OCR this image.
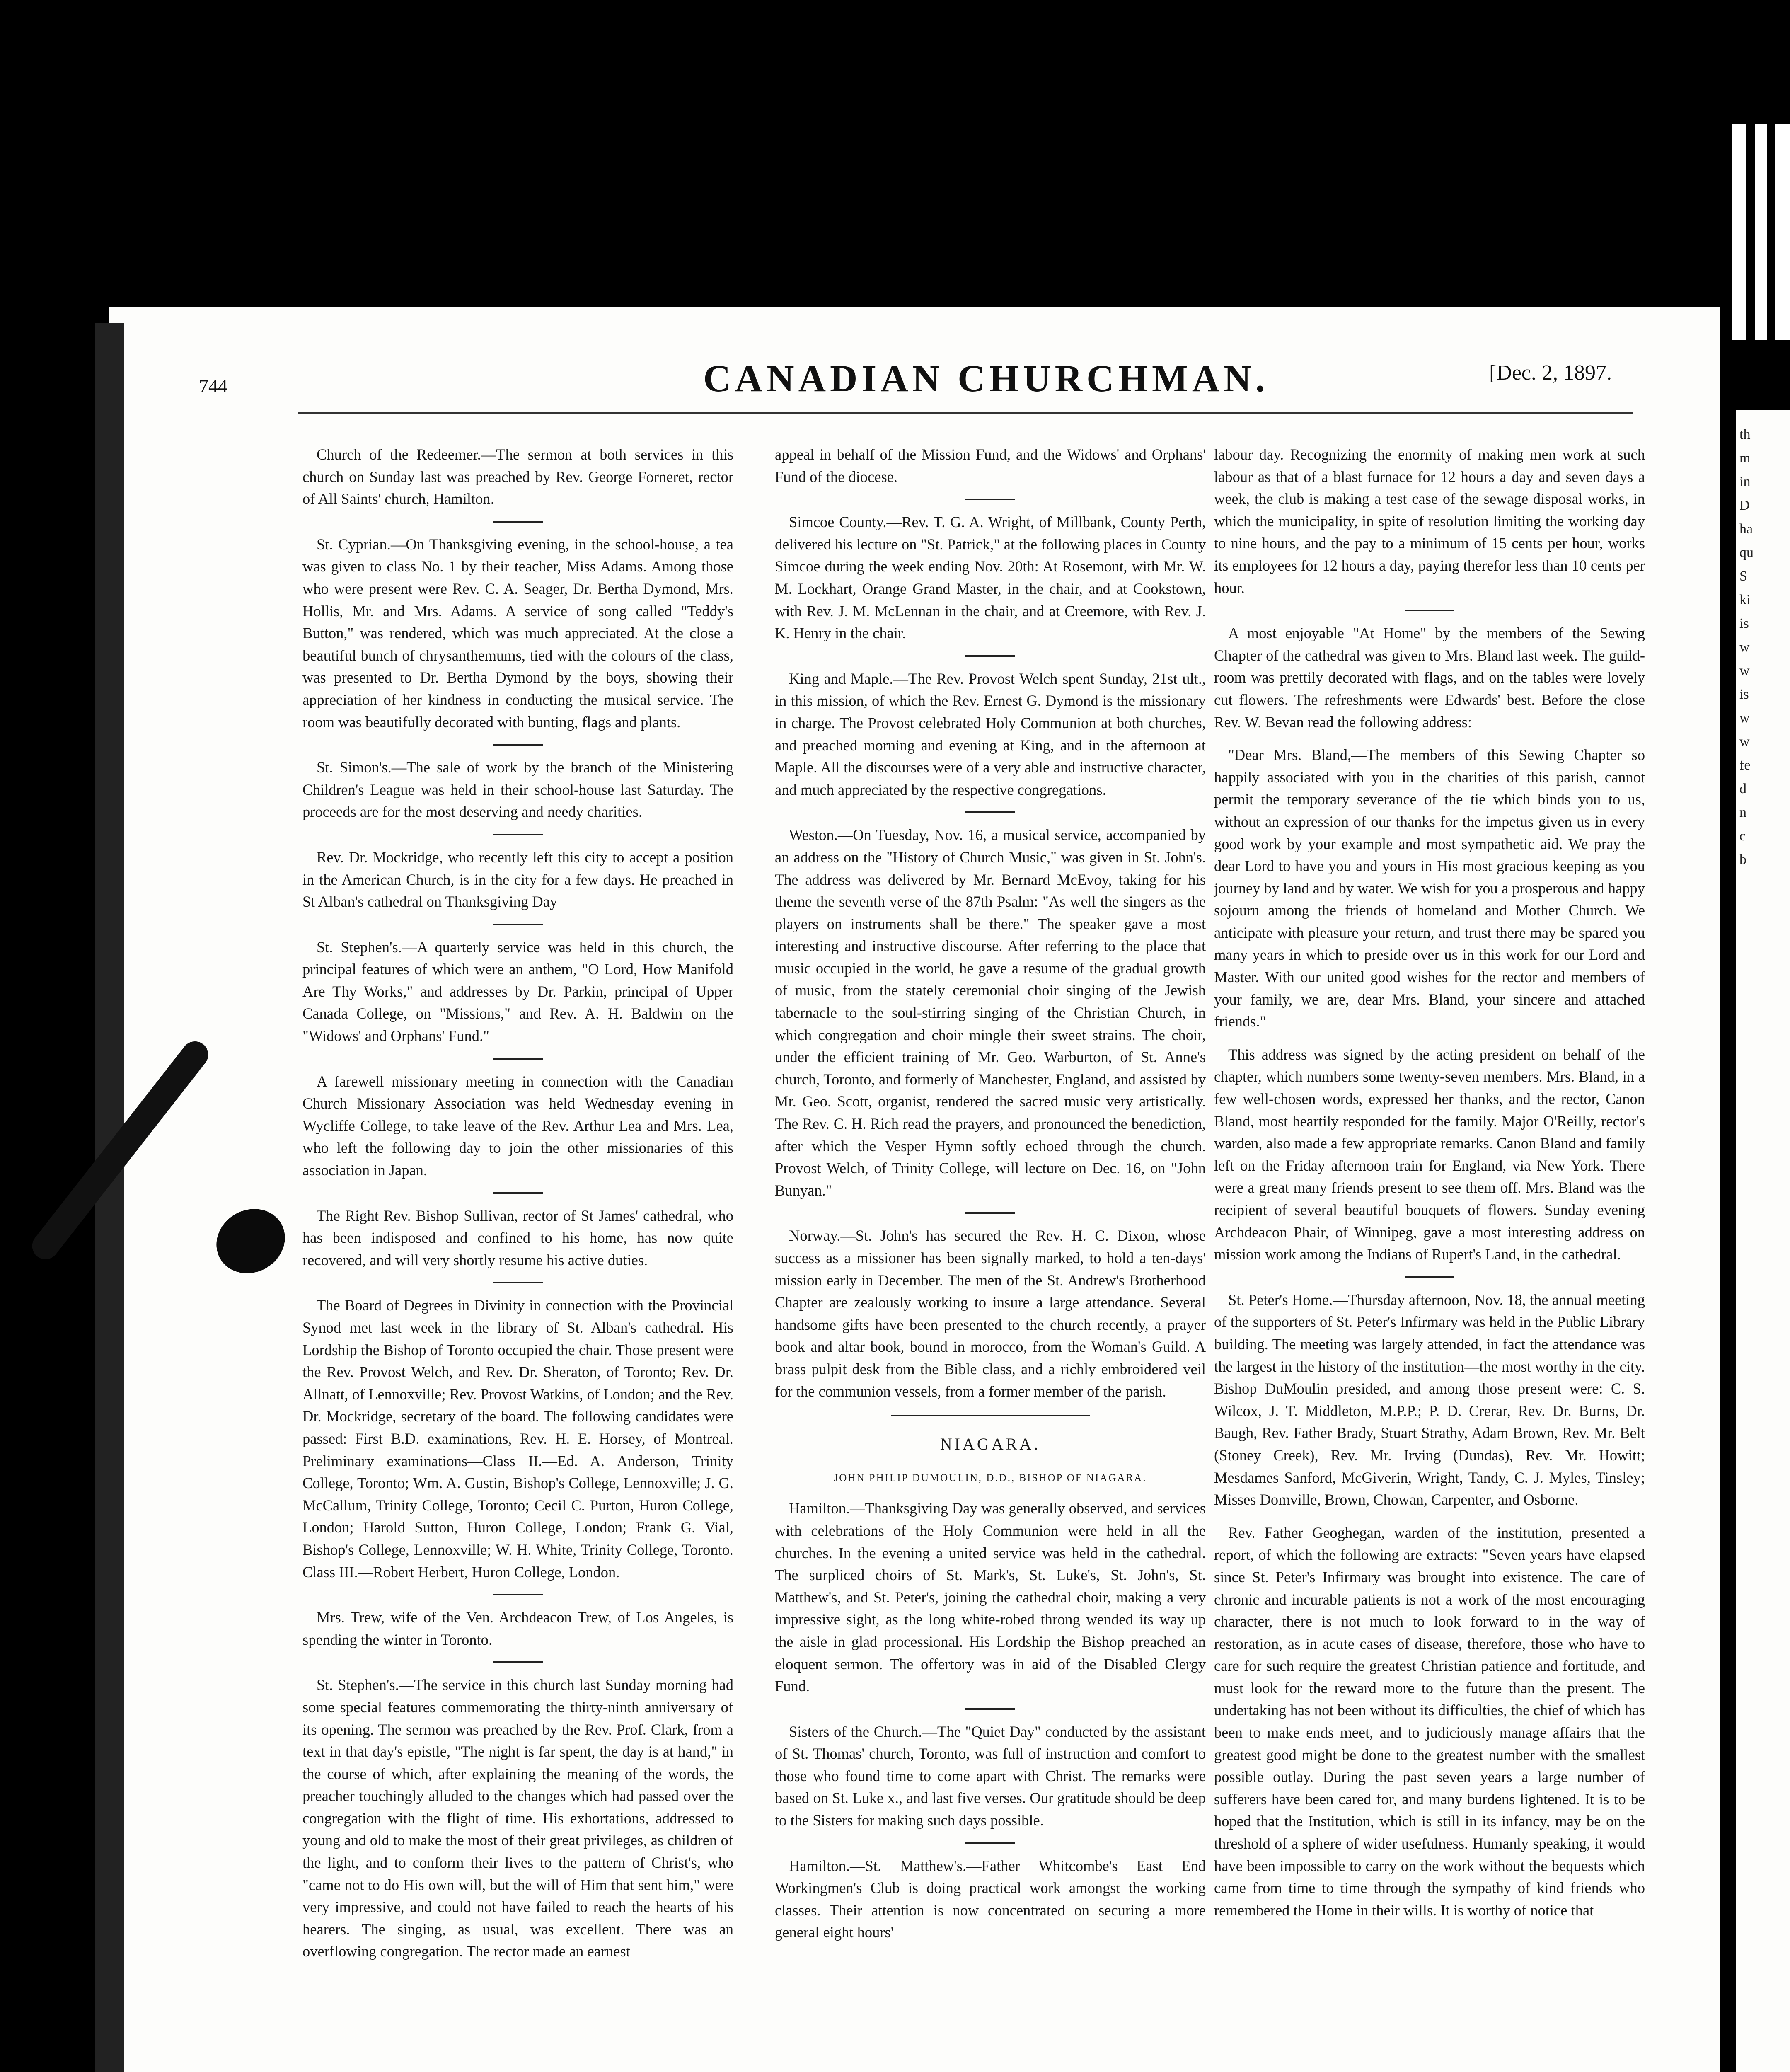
th
m
in
D
ha
qu
S
ki
is
w
w
is
w
w
fe
d
n
c
b
744	CANADIAN CHURCHMAN.	[Dec. 2, 1897.

Church of the Redeemer.—The sermon at both services in this church on Sunday last was preached by Rev. George Forneret, rector of All Saints' church, Hamilton.

St. Cyprian.—On Thanksgiving evening, in the school-house, a tea was given to class No. 1 by their teacher, Miss Adams. Among those who were present were Rev. C. A. Seager, Dr. Bertha Dymond, Mrs. Hollis, Mr. and Mrs. Adams. A service of song called "Teddy's Button," was rendered, which was much appreciated. At the close a beautiful bunch of chrysanthemums, tied with the colours of the class, was presented to Dr. Bertha Dymond by the boys, showing their appreciation of her kindness in conducting the musical service. The room was beautifully decorated with bunting, flags and plants.

St. Simon's.—The sale of work by the branch of the Ministering Children's League was held in their school-house last Saturday. The proceeds are for the most deserving and needy charities.

Rev. Dr. Mockridge, who recently left this city to accept a position in the American Church, is in the city for a few days. He preached in St Alban's cathedral on Thanksgiving Day

St. Stephen's.—A quarterly service was held in this church, the principal features of which were an anthem, "O Lord, How Manifold Are Thy Works," and addresses by Dr. Parkin, principal of Upper Canada College, on "Missions," and Rev. A. H. Baldwin on the "Widows' and Orphans' Fund."

A farewell missionary meeting in connection with the Canadian Church Missionary Association was held Wednesday evening in Wycliffe College, to take leave of the Rev. Arthur Lea and Mrs. Lea, who left the following day to join the other missionaries of this association in Japan.

The Right Rev. Bishop Sullivan, rector of St James' cathedral, who has been indisposed and confined to his home, has now quite recovered, and will very shortly resume his active duties.

The Board of Degrees in Divinity in connection with the Provincial Synod met last week in the library of St. Alban's cathedral. His Lordship the Bishop of Toronto occupied the chair. Those present were the Rev. Provost Welch, and Rev. Dr. Sheraton, of Toronto; Rev. Dr. Allnatt, of Lennoxville; Rev. Provost Watkins, of London; and the Rev. Dr. Mockridge, secretary of the board. The following candidates were passed: First B.D. examinations, Rev. H. E. Horsey, of Montreal. Preliminary examinations—Class II.—Ed. A. Anderson, Trinity College, Toronto; Wm. A. Gustin, Bishop's College, Lennoxville; J. G. McCallum, Trinity College, Toronto; Cecil C. Purton, Huron College, London; Harold Sutton, Huron College, London; Frank G. Vial, Bishop's College, Lennoxville; W. H. White, Trinity College, Toronto. Class III.—Robert Herbert, Huron College, London.

Mrs. Trew, wife of the Ven. Archdeacon Trew, of Los Angeles, is spending the winter in Toronto.

St. Stephen's.—The service in this church last Sunday morning had some special features commemorating the thirty-ninth anniversary of its opening. The sermon was preached by the Rev. Prof. Clark, from a text in that day's epistle, "The night is far spent, the day is at hand," in the course of which, after explaining the meaning of the words, the preacher touchingly alluded to the changes which had passed over the congregation with the flight of time. His exhortations, addressed to young and old to make the most of their great privileges, as children of the light, and to conform their lives to the pattern of Christ's, who "came not to do His own will, but the will of Him that sent him," were very impressive, and could not have failed to reach the hearts of his hearers. The singing, as usual, was excellent. There was an overflowing congregation. The rector made an earnest

appeal in behalf of the Mission Fund, and the Widows' and Orphans' Fund of the diocese.

Simcoe County.—Rev. T. G. A. Wright, of Millbank, County Perth, delivered his lecture on "St. Patrick," at the following places in County Simcoe during the week ending Nov. 20th: At Rosemont, with Mr. W. M. Lockhart, Orange Grand Master, in the chair, and at Cookstown, with Rev. J. M. McLennan in the chair, and at Creemore, with Rev. J. K. Henry in the chair.

King and Maple.—The Rev. Provost Welch spent Sunday, 21st ult., in this mission, of which the Rev. Ernest G. Dymond is the missionary in charge. The Provost celebrated Holy Communion at both churches, and preached morning and evening at King, and in the afternoon at Maple. All the discourses were of a very able and instructive character, and much appreciated by the respective congregations.

Weston.—On Tuesday, Nov. 16, a musical service, accompanied by an address on the "History of Church Music," was given in St. John's. The address was delivered by Mr. Bernard McEvoy, taking for his theme the seventh verse of the 87th Psalm: "As well the singers as the players on instruments shall be there." The speaker gave a most interesting and instructive discourse. After referring to the place that music occupied in the world, he gave a resume of the gradual growth of music, from the stately ceremonial choir singing of the Jewish tabernacle to the soul-stirring singing of the Christian Church, in which congregation and choir mingle their sweet strains. The choir, under the efficient training of Mr. Geo. Warburton, of St. Anne's church, Toronto, and formerly of Manchester, England, and assisted by Mr. Geo. Scott, organist, rendered the sacred music very artistically. The Rev. C. H. Rich read the prayers, and pronounced the benediction, after which the Vesper Hymn softly echoed through the church. Provost Welch, of Trinity College, will lecture on Dec. 16, on "John Bunyan."

Norway.—St. John's has secured the Rev. H. C. Dixon, whose success as a missioner has been signally marked, to hold a ten-days' mission early in December. The men of the St. Andrew's Brotherhood Chapter are zealously working to insure a large attendance. Several handsome gifts have been presented to the church recently, a prayer book and altar book, bound in morocco, from the Woman's Guild. A brass pulpit desk from the Bible class, and a richly embroidered veil for the communion vessels, from a former member of the parish.

NIAGARA.
JOHN PHILIP DUMOULIN, D.D., BISHOP OF NIAGARA.

Hamilton.—Thanksgiving Day was generally observed, and services with celebrations of the Holy Communion were held in all the churches. In the evening a united service was held in the cathedral. The surpliced choirs of St. Mark's, St. Luke's, St. John's, St. Matthew's, and St. Peter's, joining the cathedral choir, making a very impressive sight, as the long white-robed throng wended its way up the aisle in glad processional. His Lordship the Bishop preached an eloquent sermon. The offertory was in aid of the Disabled Clergy Fund.

Sisters of the Church.—The "Quiet Day" conducted by the assistant of St. Thomas' church, Toronto, was full of instruction and comfort to those who found time to come apart with Christ. The remarks were based on St. Luke x., and last five verses. Our gratitude should be deep to the Sisters for making such days possible.

Hamilton.—St. Matthew's.—Father Whitcombe's East End Workingmen's Club is doing practical work amongst the working classes. Their attention is now concentrated on securing a more general eight hours'

labour day. Recognizing the enormity of making men work at such labour as that of a blast furnace for 12 hours a day and seven days a week, the club is making a test case of the sewage disposal works, in which the municipality, in spite of resolution limiting the working day to nine hours, and the pay to a minimum of 15 cents per hour, works its employees for 12 hours a day, paying therefor less than 10 cents per hour.

A most enjoyable "At Home" by the members of the Sewing Chapter of the cathedral was given to Mrs. Bland last week. The guild-room was prettily decorated with flags, and on the tables were lovely cut flowers. The refreshments were Edwards' best. Before the close Rev. W. Bevan read the following address:

"Dear Mrs. Bland,—The members of this Sewing Chapter so happily associated with you in the charities of this parish, cannot permit the temporary severance of the tie which binds you to us, without an expression of our thanks for the impetus given us in every good work by your example and most sympathetic aid. We pray the dear Lord to have you and yours in His most gracious keeping as you journey by land and by water. We wish for you a prosperous and happy sojourn among the friends of homeland and Mother Church. We anticipate with pleasure your return, and trust there may be spared you many years in which to preside over us in this work for our Lord and Master. With our united good wishes for the rector and members of your family, we are, dear Mrs. Bland, your sincere and attached friends."

This address was signed by the acting president on behalf of the chapter, which numbers some twenty-seven members. Mrs. Bland, in a few well-chosen words, expressed her thanks, and the rector, Canon Bland, most heartily responded for the family. Major O'Reilly, rector's warden, also made a few appropriate remarks. Canon Bland and family left on the Friday afternoon train for England, via New York. There were a great many friends present to see them off. Mrs. Bland was the recipient of several beautiful bouquets of flowers. Sunday evening Archdeacon Phair, of Winnipeg, gave a most interesting address on mission work among the Indians of Rupert's Land, in the cathedral.

St. Peter's Home.—Thursday afternoon, Nov. 18, the annual meeting of the supporters of St. Peter's Infirmary was held in the Public Library building. The meeting was largely attended, in fact the attendance was the largest in the history of the institution—the most worthy in the city. Bishop DuMoulin presided, and among those present were: C. S. Wilcox, J. T. Middleton, M.P.P.; P. D. Crerar, Rev. Dr. Burns, Dr. Baugh, Rev. Father Brady, Stuart Strathy, Adam Brown, Rev. Mr. Belt (Stoney Creek), Rev. Mr. Irving (Dundas), Rev. Mr. Howitt; Mesdames Sanford, McGiverin, Wright, Tandy, C. J. Myles, Tinsley; Misses Domville, Brown, Chowan, Carpenter, and Osborne.

Rev. Father Geoghegan, warden of the institution, presented a report, of which the following are extracts: "Seven years have elapsed since St. Peter's Infirmary was brought into existence. The care of chronic and incurable patients is not a work of the most encouraging character, there is not much to look forward to in the way of restoration, as in acute cases of disease, therefore, those who have to care for such require the greatest Christian patience and fortitude, and must look for the reward more to the future than the present. The undertaking has not been without its difficulties, the chief of which has been to make ends meet, and to judiciously manage affairs that the greatest good might be done to the greatest number with the smallest possible outlay. During the past seven years a large number of sufferers have been cared for, and many burdens lightened. It is to be hoped that the Institution, which is still in its infancy, may be on the threshold of a sphere of wider usefulness. Humanly speaking, it would have been impossible to carry on the work without the bequests which came from time to time through the sympathy of kind friends who remembered the Home in their wills. It is worthy of notice that
